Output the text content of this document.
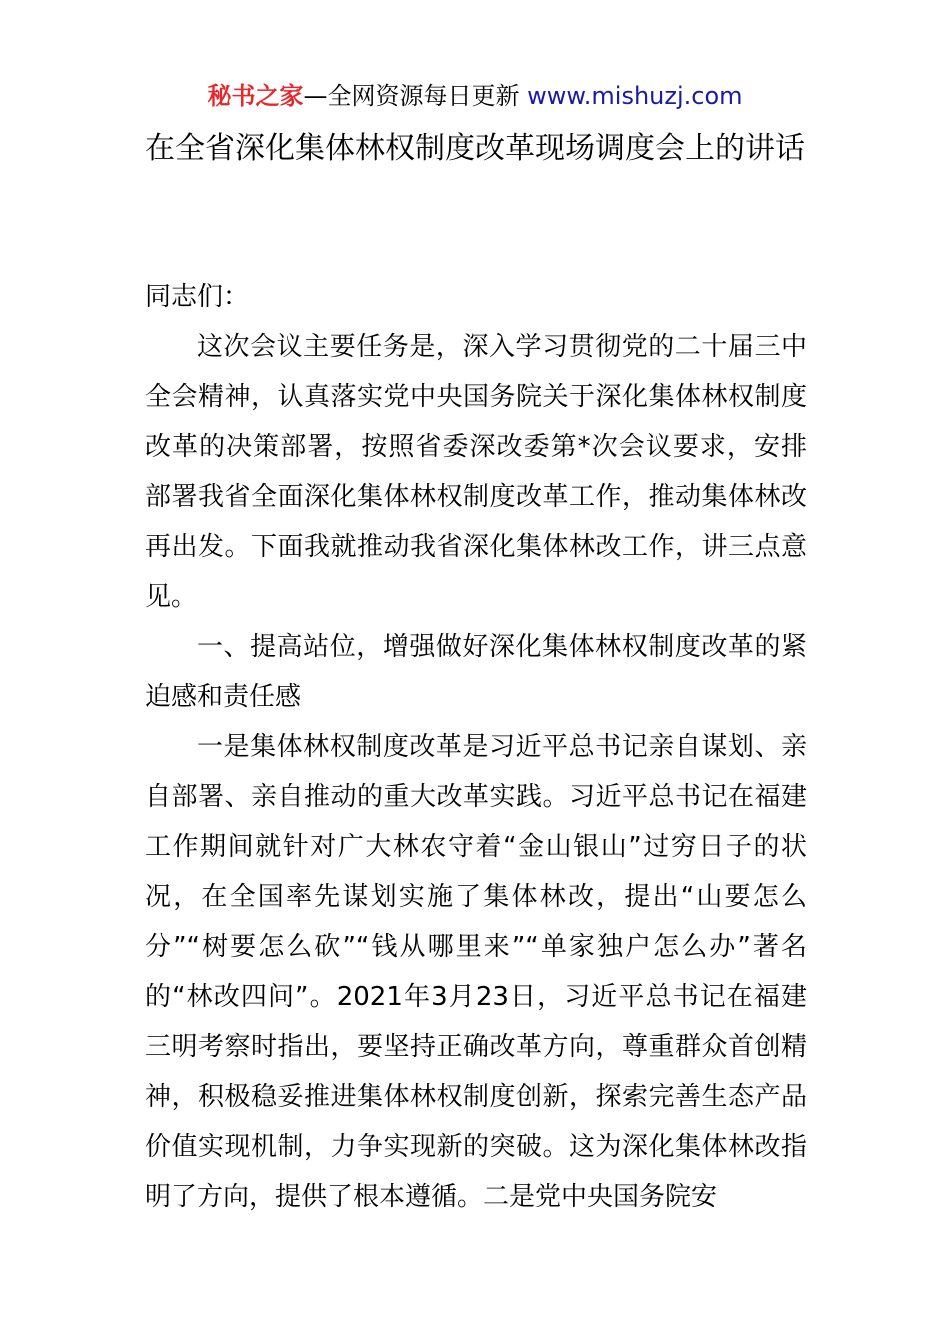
秘书之家—全网资源每日更新 www.mishuzj.com
在全省深化集体林权制度改革现场调度会上的讲话

同志们：

这次会议主要任务是，深入学习贯彻党的二十届三中全会精神，认真落实党中央国务院关于深化集体林权制度改革的决策部署，按照省委深改委第*次会议要求，安排部署我省全面深化集体林权制度改革工作，推动集体林改再出发。下面我就推动我省深化集体林改工作，讲三点意见。

一、提高站位，增强做好深化集体林权制度改革的紧迫感和责任感

一是集体林权制度改革是习近平总书记亲自谋划、亲自部署、亲自推动的重大改革实践。习近平总书记在福建工作期间就针对广大林农守着“金山银山”过穷日子的状况，在全国率先谋划实施了集体林改，提出“山要怎么分”“树要怎么砍”“钱从哪里来”“单家独户怎么办”著名的“林改四问”。2021年3月23日，习近平总书记在福建三明考察时指出，要坚持正确改革方向，尊重群众首创精神，积极稳妥推进集体林权制度创新，探索完善生态产品价值实现机制，力争实现新的突破。这为深化集体林改指明了方向，提供了根本遵循。二是党中央国务院安
